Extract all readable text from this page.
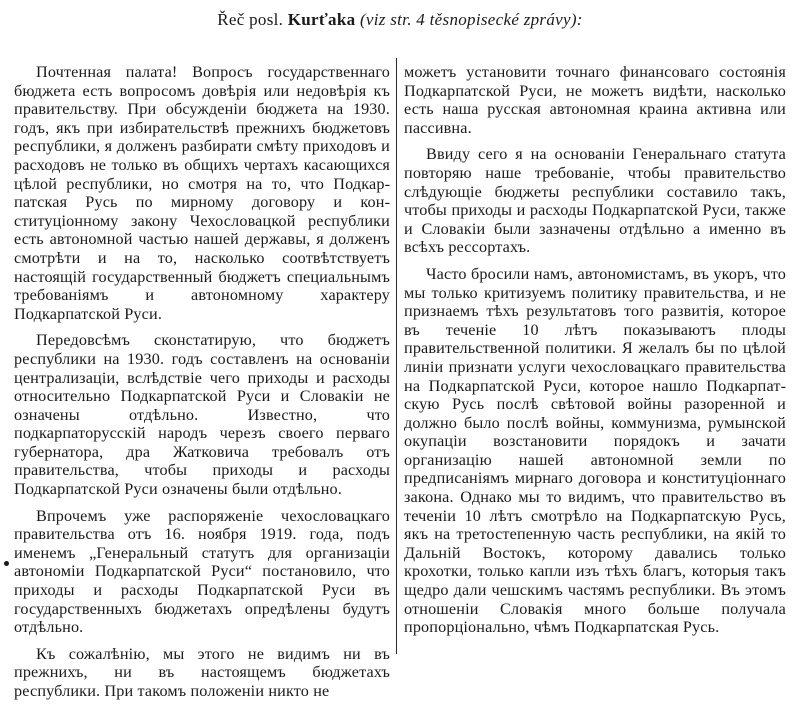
Řeč posl. Kurťaka (viz str. 4 těsnopisecké zprávy):

Почтенная палата! Вопросъ государственнаго бюджета есть вопросомъ довѣрія или недовѣрія къ правительству. При обсужденіи бюджета на 1930. годъ, якъ при избирательствѣ прежнихъ бюджетовъ республики, я долженъ разбирати смѣту приходовъ и расходовъ не только въ общихъ чертахъ касающихся цѣлой республики, но смотря на то, что Подкарпатская Русь по мирному договору и конституціонному закону Чехословацкой республики есть автономной частью нашей державы, я долженъ смотрѣти и на то, насколько соотвѣтствуетъ настоящій государственный бюджетъ специальнымъ требованіямъ и автономному характеру Подкарпатской Руси.

Передовсѣмъ сконстатирую, что бюджетъ республики на 1930. годъ составленъ на основаніи централизаціи, вслѣдствіе чего приходы и расходы относительно Подкарпатской Руси и Словакіи не означены отдѣльно. Известно, что подкарпаторусскій народъ черезъ своего перваго губернатора, дра Жатковича требовалъ отъ правительства, чтобы приходы и расходы Подкарпатской Руси означены были отдѣльно.

Впрочемъ уже распоряженіе чехословацкаго правительства отъ 16. ноября 1919. года, подъ именемъ „Генеральный статутъ для организаціи автономіи Подкарпатской Руси“ постановило, что приходы и расходы Подкарпатской Руси въ государственныхъ бюджетахъ опредѣлены будутъ отдѣльно.

Къ сожалѣнію, мы этого не видимъ ни въ прежнихъ, ни въ настоящемъ бюджетахъ республики. При такомъ положеніи никто не

можетъ установити точнаго финансоваго состоянія Подкарпатской Руси, не можетъ видѣти, насколько есть наша русская автономная краина активна или пассивна.

Ввиду сего я на основаніи Генеральнаго статута повторяю наше требованіе, чтобы правительство слѣдующіе бюджеты республики составило такъ, чтобы приходы и расходы Подкарпатской Руси, также и Словакіи были зазначены отдѣльно а именно въ всѣхъ рессортахъ.

Часто бросили намъ, автономистамъ, въ укоръ, что мы только критизуемъ политику правительства, и не признаемъ тѣхъ результатовъ того развитія, которое въ теченіе 10 лѣтъ показываютъ плоды правительственной политики. Я желалъ бы по цѣлой линіи признати услуги чехословацкаго правительства на Подкарпатской Руси, которое нашло Подкарпатскую Русь послѣ свѣтовой войны разоренной и должно было послѣ войны, коммунизма, румынской окупаціи возстановити порядокъ и зачати организацію нашей автономной земли по предписаніямъ мирнаго договора и конституціоннаго закона. Однако мы то видимъ, что правительство въ теченіи 10 лѣтъ смотрѣло на Подкарпатскую Русь, якъ на третостепенную часть республики, на якій то Дальній Востокъ, которому давались только крохотки, только капли изъ тѣхъ благъ, которыя такъ щедро дали чешскимъ частямъ республики. Въ этомъ отношеніи Словакія много больше получала пропорціонально, чѣмъ Подкарпатская Русь.
